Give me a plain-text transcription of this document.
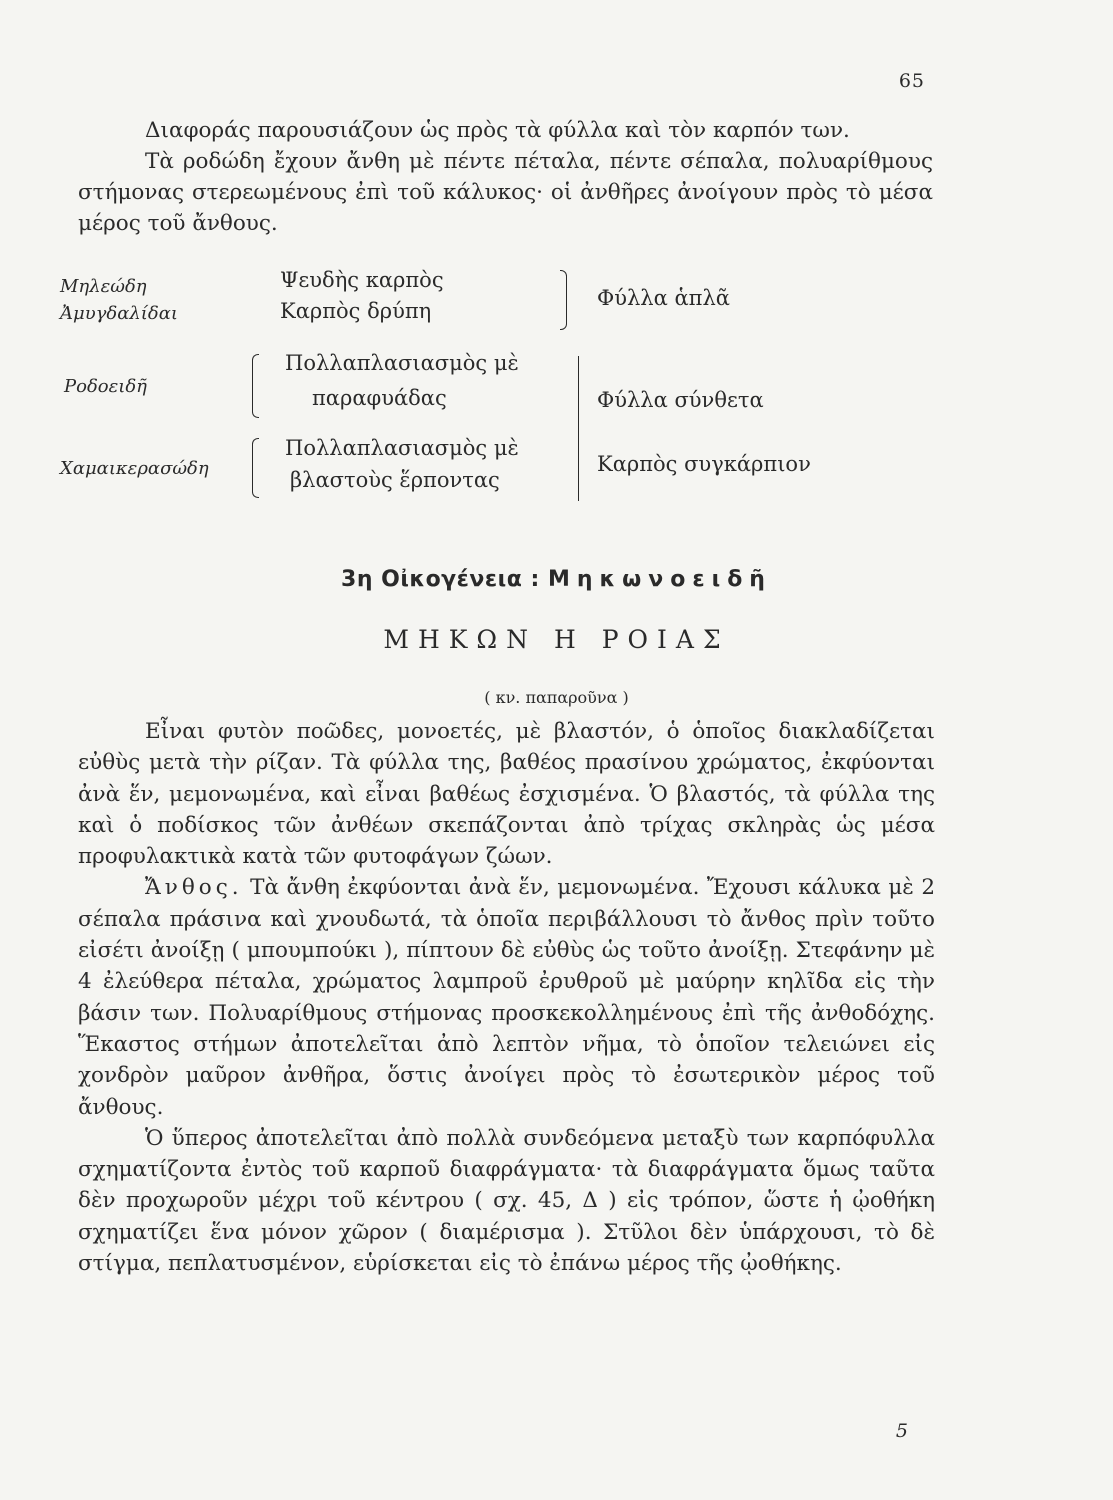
65

Διαφοράς παρουσιάζουν ὡς πρὸς τὰ φύλλα καὶ τὸν καρπόν των.

Τὰ ροδώδη ἔχουν ἄνθη μὲ πέντε πέταλα, πέντε σέπαλα, πολυαρίθμους στήμονας στερεωμένους ἐπὶ τοῦ κάλυκος· οἱ ἀνθῆρες ἀνοίγουν πρὸς τὸ μέσα μέρος τοῦ ἄνθους.

Μηλεώδη
Ἀμυγδαλίδαι
Ροδοειδῆ
Χαμαικερασώδη
Ψευδὴς καρπὸς
Καρπὸς δρύπη
Πολλαπλασιασμὸς μὲ
παραφυάδας
Πολλαπλασιασμὸς μὲ
βλαστοὺς ἕρποντας
Φύλλα ἁπλᾶ
Φύλλα σύνθετα
Καρπὸς συγκάρπιον
3η Οἰκογένεια : Μηκωνοειδῆ
ΜΗΚΩΝ Η ΡΟΙΑΣ
( κν. παπαροῦνα )

Εἶναι φυτὸν ποῶδες, μονοετές, μὲ βλαστόν, ὁ ὁποῖος διακλαδίζεται εὐθὺς μετὰ τὴν ρίζαν. Τὰ φύλλα της, βαθέος πρασίνου χρώματος, ἐκφύονται ἀνὰ ἕν, μεμονωμένα, καὶ εἶναι βαθέως ἐσχισμένα. Ὁ βλαστός, τὰ φύλλα της καὶ ὁ ποδίσκος τῶν ἀνθέων σκεπάζονται ἀπὸ τρίχας σκληρὰς ὡς μέσα προφυλακτικὰ κατὰ τῶν φυτοφάγων ζώων.

Ἄνθος. Τὰ ἄνθη ἐκφύονται ἀνὰ ἕν, μεμονωμένα. Ἔχουσι κάλυκα μὲ 2 σέπαλα πράσινα καὶ χνουδωτά, τὰ ὁποῖα περιβάλλουσι τὸ ἄνθος πρὶν τοῦτο εἰσέτι ἀνοίξῃ ( μπουμπούκι ), πίπτουν δὲ εὐθὺς ὡς τοῦτο ἀνοίξῃ. Στεφάνην μὲ 4 ἐλεύθερα πέταλα, χρώματος λαμπροῦ ἐρυθροῦ μὲ μαύρην κηλῖδα εἰς τὴν βάσιν των. Πολυαρίθμους στήμονας προσκεκολλημένους ἐπὶ τῆς ἀνθοδόχης. Ἕκαστος στήμων ἀποτελεῖται ἀπὸ λεπτὸν νῆμα, τὸ ὁποῖον τελειώνει εἰς χονδρὸν μαῦρον ἀνθῆρα, ὅστις ἀνοίγει πρὸς τὸ ἐσωτερικὸν μέρος τοῦ ἄνθους.

Ὁ ὕπερος ἀποτελεῖται ἀπὸ πολλὰ συνδεόμενα μεταξὺ των καρπόφυλλα σχηματίζοντα ἐντὸς τοῦ καρποῦ διαφράγματα· τὰ διαφράγματα ὅμως ταῦτα δὲν προχωροῦν μέχρι τοῦ κέντρου ( σχ. 45, Δ ) εἰς τρόπον, ὥστε ἡ ᾠοθήκη σχηματίζει ἕνα μόνον χῶρον ( διαμέρισμα ). Στῦλοι δὲν ὑπάρχουσι, τὸ δὲ στίγμα, πεπλατυσμένον, εὑρίσκεται εἰς τὸ ἐπάνω μέρος τῆς ᾠοθήκης.

5
